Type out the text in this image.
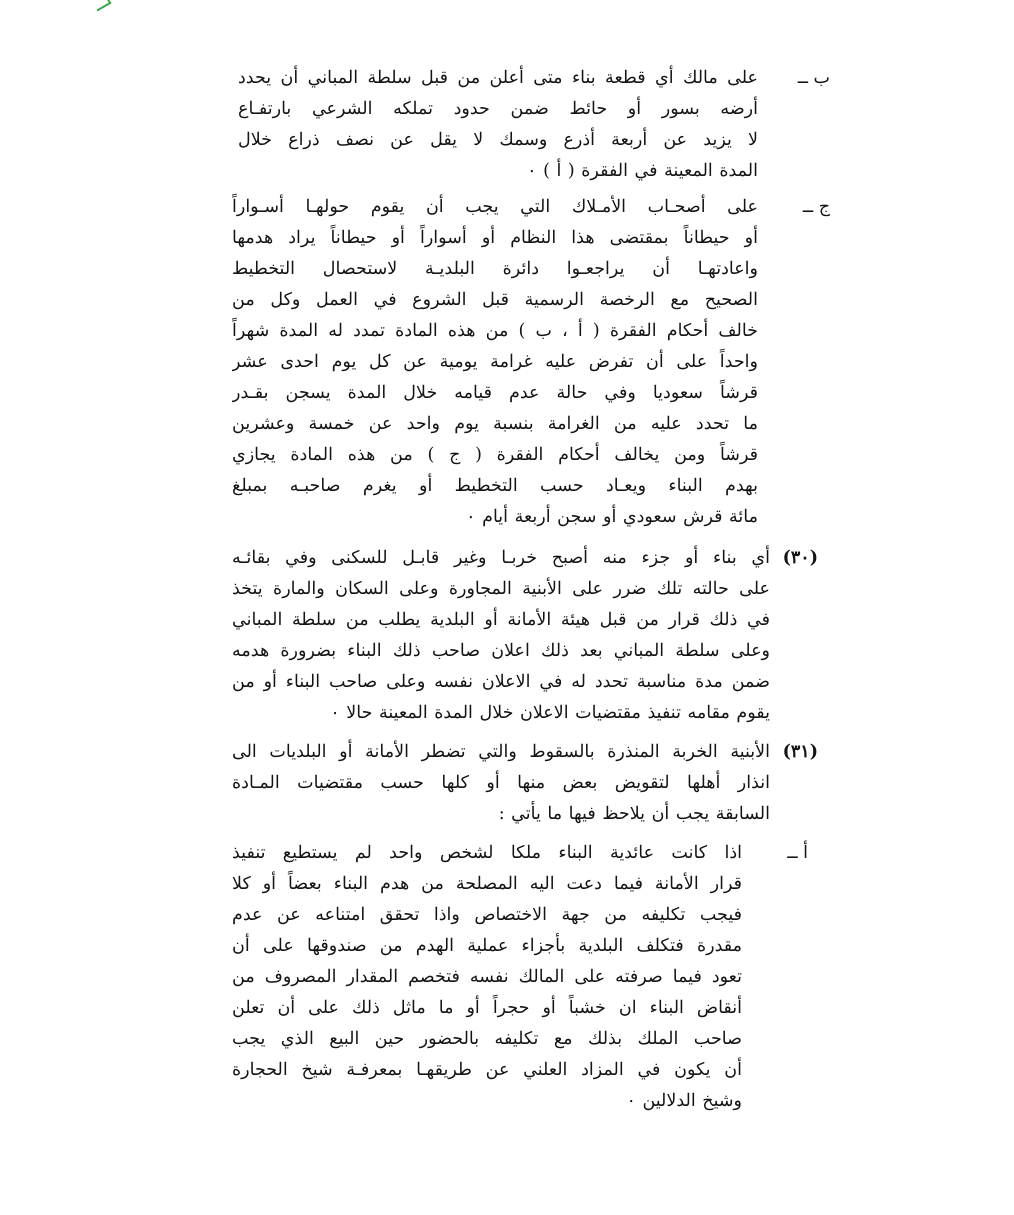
ب ــ
على مالك أي قطعة بناء متى أعلن من قبل سلطة المباني أن يحدد
أرضه بسور أو حائط ضمن حدود تملكه الشرعي بارتفـاع
لا يزيد عن أربعة أذرع وسمك لا يقل عن نصف ذراع خلال
المدة المعينة في الفقرة ( أ ) ٠
ج ــ
على أصحـاب الأمـلاك التي يجب أن يقوم حولهـا أسـواراً
أو حيطاناً بمقتضى هذا النظام أو أسواراً أو حيطاناً يراد هدمها
واعادتهـا أن يراجعـوا دائرة البلديـة لاستحصال التخطيط
الصحيح مع الرخصة الرسمية قبل الشروع في العمل وكل من
خالف أحكام الفقرة ( أ ، ب ) من هذه المادة تمدد له المدة شهراً
واحداً على أن تفرض عليه غرامة يومية عن كل يوم احدى عشر
قرشاً سعوديا وفي حالة عدم قيامه خلال المدة يسجن بقـدر
ما تحدد عليه من الغرامة بنسبة يوم واحد عن خمسة وعشرين
قرشاً ومن يخالف أحكام الفقرة ( ج ) من هذه المادة يجازي
بهدم البناء ويعـاد حسب التخطيط أو يغرم صاحبـه بمبلغ
مائة قرش سعودي أو سجن أربعة أيام ٠
(٣٠)
أي بناء أو جزء منه أصبح خربـا وغير قابـل للسكنى وفي بقائـه
على حالته تلك ضرر على الأبنية المجاورة وعلى السكان والمارة يتخذ
في ذلك قرار من قبل هيئة الأمانة أو البلدية يطلب من سلطة المباني
وعلى سلطة المباني بعد ذلك اعلان صاحب ذلك البناء بضرورة هدمه
ضمن مدة مناسبة تحدد له في الاعلان نفسه وعلى صاحب البناء أو من
يقوم مقامه تنفيذ مقتضيات الاعلان خلال المدة المعينة حالا ٠
(٣١)
الأبنية الخربة المنذرة بالسقوط والتي تضطر الأمانة أو البلديات الى
انذار أهلها لتقويض بعض منها أو كلها حسب مقتضيات المـادة
السابقة يجب أن يلاحظ فيها ما يأتي :
أ ــ
اذا كانت عائدية البناء ملكا لشخص واحد لم يستطيع تنفيذ
قرار الأمانة فيما دعت اليه المصلحة من هدم البناء بعضاً أو كلا
فيجب تكليفه من جهة الاختصاص واذا تحقق امتناعه عن عدم
مقدرة فتكلف البلدية بأجزاء عملية الهدم من صندوقها على أن
تعود فيما صرفته على المالك نفسه فتخصم المقدار المصروف من
أنقاض البناء ان خشباً أو حجراً أو ما ماثل ذلك على أن تعلن
صاحب الملك بذلك مع تكليفه بالحضور حين البيع الذي يجب
أن يكون في المزاد العلني عن طريقهـا بمعرفـة شيخ الحجارة
وشيخ الدلالين ٠
